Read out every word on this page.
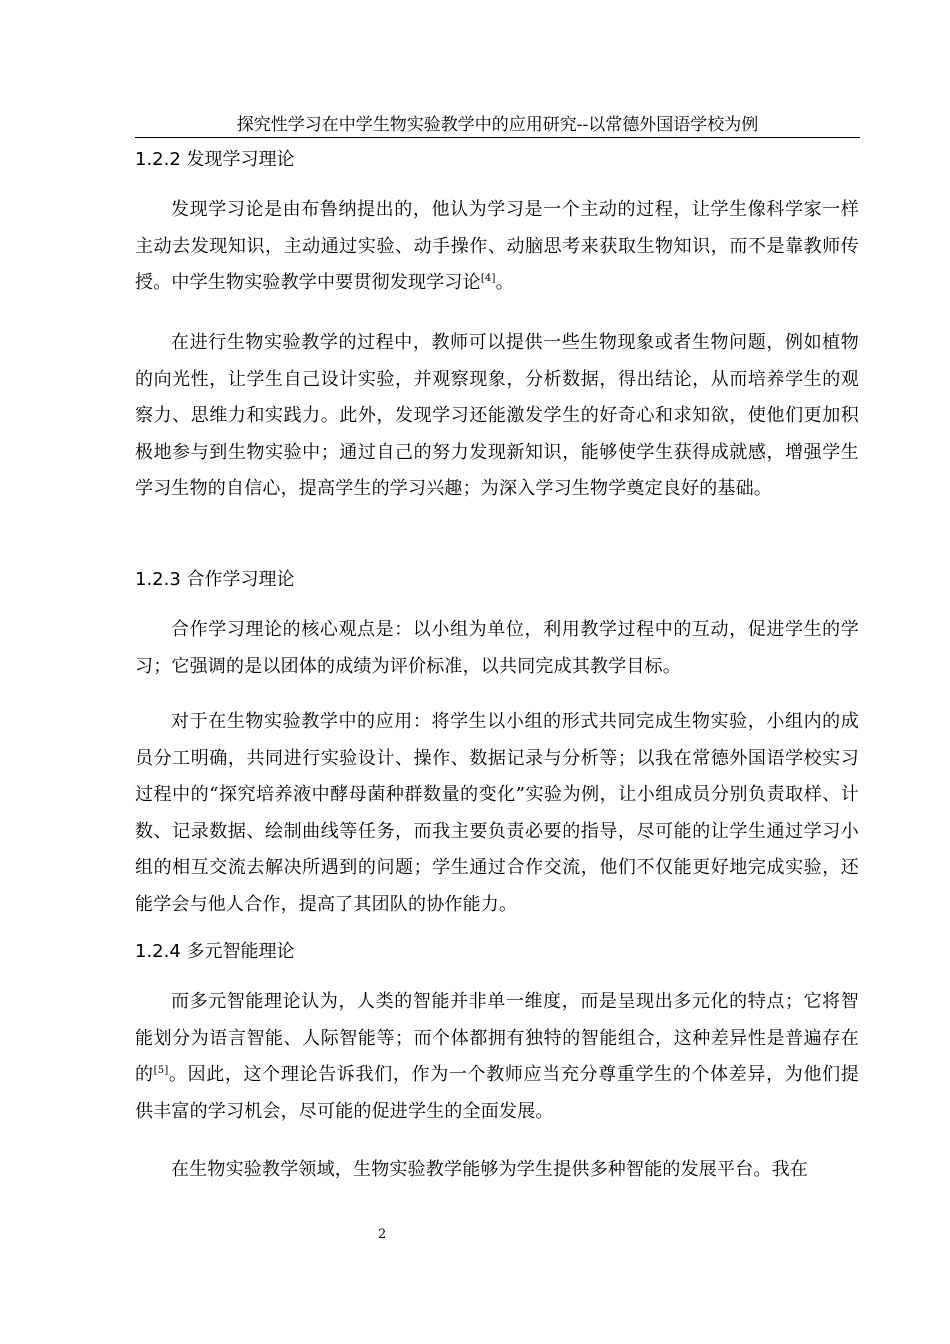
探究性学习在中学生物实验教学中的应用研究--以常德外国语学校为例
1.2.2 发现学习理论

发现学习论是由布鲁纳提出的，他认为学习是一个主动的过程，让学生像科学家一样主动去发现知识，主动通过实验、动手操作、动脑思考来获取生物知识，而不是靠教师传授。中学生物实验教学中要贯彻发现学习论[4]。

在进行生物实验教学的过程中，教师可以提供一些生物现象或者生物问题，例如植物的向光性，让学生自己设计实验，并观察现象，分析数据，得出结论，从而培养学生的观察力、思维力和实践力。此外，发现学习还能激发学生的好奇心和求知欲，使他们更加积极地参与到生物实验中；通过自己的努力发现新知识，能够使学生获得成就感，增强学生学习生物的自信心，提高学生的学习兴趣；为深入学习生物学奠定良好的基础。

1.2.3 合作学习理论

合作学习理论的核心观点是：以小组为单位，利用教学过程中的互动，促进学生的学习；它强调的是以团体的成绩为评价标准，以共同完成其教学目标。

对于在生物实验教学中的应用：将学生以小组的形式共同完成生物实验，小组内的成员分工明确，共同进行实验设计、操作、数据记录与分析等；以我在常德外国语学校实习过程中的“探究培养液中酵母菌种群数量的变化”实验为例，让小组成员分别负责取样、计数、记录数据、绘制曲线等任务，而我主要负责必要的指导，尽可能的让学生通过学习小组的相互交流去解决所遇到的问题；学生通过合作交流，他们不仅能更好地完成实验，还能学会与他人合作，提高了其团队的协作能力。

1.2.4 多元智能理论

而多元智能理论认为，人类的智能并非单一维度，而是呈现出多元化的特点；它将智能划分为语言智能、人际智能等；而个体都拥有独特的智能组合，这种差异性是普遍存在的[5]。因此，这个理论告诉我们，作为一个教师应当充分尊重学生的个体差异，为他们提供丰富的学习机会，尽可能的促进学生的全面发展。

在生物实验教学领域，生物实验教学能够为学生提供多种智能的发展平台。我在

2
